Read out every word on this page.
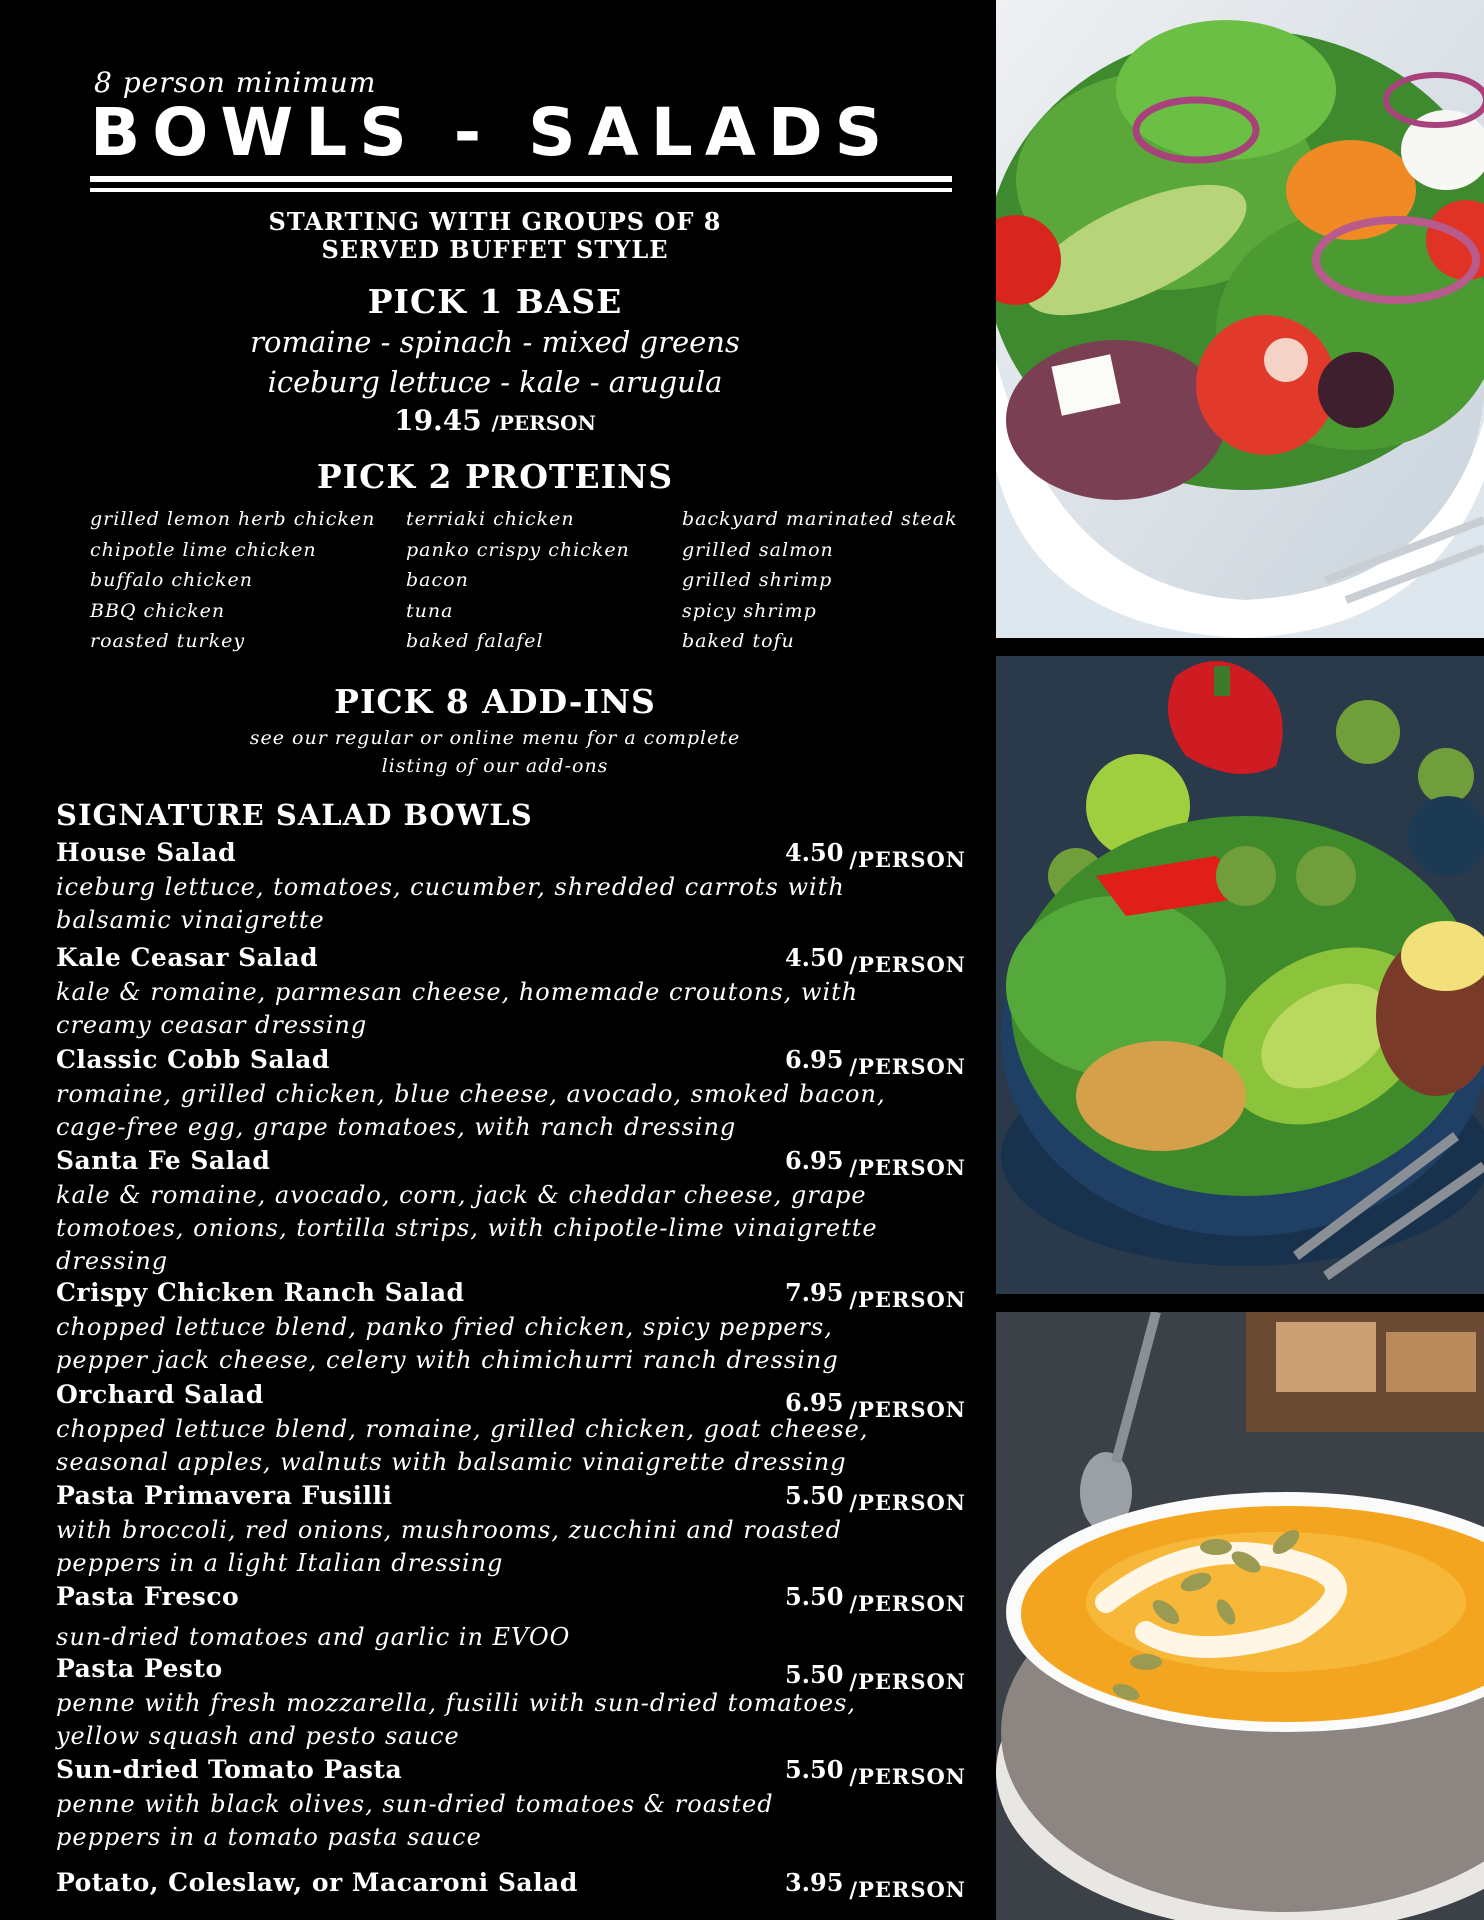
8 person minimum
BOWLS - SALADS
STARTING WITH GROUPS OF 8
SERVED BUFFET STYLE
PICK 1 BASE
romaine - spinach - mixed greens
iceburg lettuce - kale - arugula
19.45 /PERSON
PICK 2 PROTEINS
grilled lemon herb chicken
chipotle lime chicken
buffalo chicken
BBQ chicken
roasted turkey
terriaki chicken
panko crispy chicken
bacon
tuna
baked falafel
backyard marinated steak
grilled salmon
grilled shrimp
spicy shrimp
baked tofu
PICK 8 ADD-INS
see our regular or online menu for a complete
listing of our add-ons
SIGNATURE SALAD BOWLS
House Salad
iceburg lettuce, tomatoes, cucumber, shredded carrots with balsamic vinaigrette
4.50 /PERSON
Kale Ceasar Salad
kale & romaine, parmesan cheese, homemade croutons, with creamy ceasar dressing
4.50 /PERSON
Classic Cobb Salad
romaine, grilled chicken, blue cheese, avocado, smoked bacon, cage-free egg, grape tomatoes, with ranch dressing
6.95 /PERSON
Santa Fe Salad
kale & romaine, avocado, corn, jack & cheddar cheese, grape tomotoes, onions, tortilla strips, with chipotle-lime vinaigrette dressing
6.95 /PERSON
Crispy Chicken Ranch Salad
chopped lettuce blend, panko fried chicken, spicy peppers, pepper jack cheese, celery with chimichurri ranch dressing
7.95 /PERSON
Orchard Salad
chopped lettuce blend, romaine, grilled chicken, goat cheese, seasonal apples, walnuts with balsamic vinaigrette dressing
6.95 /PERSON
Pasta Primavera Fusilli
with broccoli, red onions, mushrooms, zucchini and roasted peppers in a light Italian dressing
5.50 /PERSON
Pasta Fresco
sun-dried tomatoes and garlic in EVOO
5.50 /PERSON
Pasta Pesto
penne with fresh mozzarella, fusilli with sun-dried tomatoes, yellow squash and pesto sauce
5.50 /PERSON
Sun-dried Tomato Pasta
penne with black olives, sun-dried tomatoes & roasted peppers in a tomato pasta sauce
5.50 /PERSON
Potato, Coleslaw, or Macaroni Salad	3.95 /PERSON
